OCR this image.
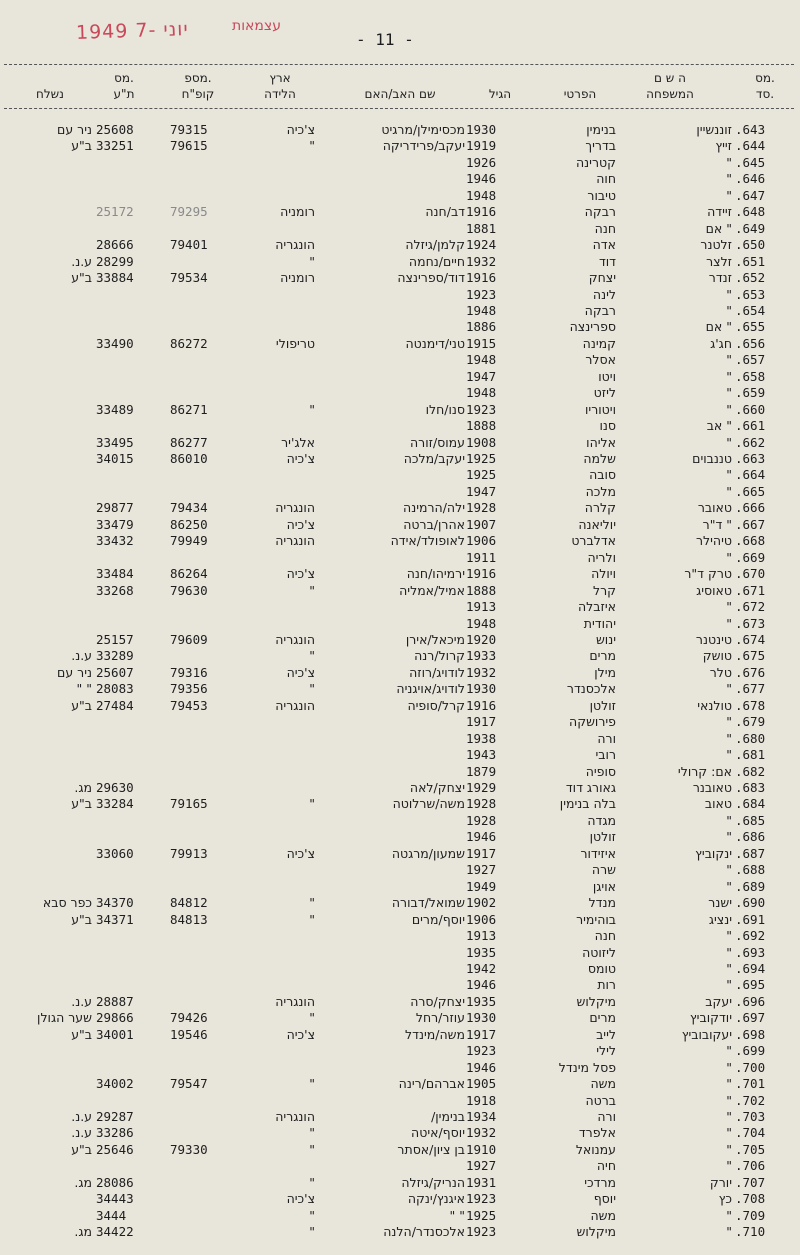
1949 יוני -7	עצמאות
- 11 -
מס.
סד.
ה ש ם
המשפחה
הפרטי
הגיל
שם האב/האם
ארץ
הלידה
מספ.
קופ"ח
מס.
ת"ע
נשלח
.643
זוננשיין
בנימין
1930
מכסימילן/מרגיט
צ'כיה
79315
25608
ניר עם
.644
זייץ
בדריך
1919
יעקב/פרידריקה
"
79615
33251
ב"ע
.645
"
קטרינה
1926
.646
"
חוה
1946
.647
"
טיבור
1948
.648
זיידה
רבקה
1916
דב/חנה
רומניה
79295
25172
.649
" אם
חנה
1881
.650
זלטנר
אדה
1924
קלמן/גיזלה
הונגריה
79401
28666
.651
זלצר
דוד
1932
חיים/נחמה
"
28299
ע.נ.
.652
זנדר
יצחק
1916
דוד/ספרינצה
רומניה
79534
33884
ב"ע
.653
"
לינה
1923
.654
"
רבקה
1948
.655
" אם
ספרינצה
1886
.656
חג'ג
קמינה
1915
טני/דימנטה
טריפולי
86272
33490
.657
"
אסלר
1948
.658
"
ויטו
1947
.659
"
ליזט
1948
.660
"
ויטוריו
1923
סנו/חלו
"
86271
33489
.661
" אב
סנו
1888
.662
"
אליהו
1908
עמוס/זורה
אלג'יר
86277
33495
.663
טננבוים
שלמה
1925
יעקב/מלכה
צ'כיה
86010
34015
.664
"
סובה
1925
.665
"
מלכה
1947
.666
טאובר
קלרה
1928
ילה/הרמינה
הונגריה
79434
29877
.667
" ד"ר
יוליאנה
1907
אהרן/ברטה
צ'כיה
86250
33479
.668
טיהילר
אדלברט
1906
לאופולד/אידה
הונגריה
79949
33432
.669
"
ולריה
1911
.670
טרק ד"ר
ויולה
1916
ירמיהו/חנה
צ'כיה
86264
33484
.671
טאוסיג
קרל
1888
אמיל/אמליה
"
79630
33268
.672
"
איזבלה
1913
.673
"
יהודית
1948
.674
טינטנר
ינוש
1920
מיכאל/אירן
הונגריה
79609
25157
.675
טושק
מרים
1933
קרול/רנה
"
33289
ע.נ.
.676
טלר
מילן
1932
לודויג/רוזה
צ'כיה
79316
25607
ניר עם
.677
"
אלכסנדר
1930
לודויג/אויגניה
"
79356
28083
" "
.678
טולנאי
זולטן
1916
קרל/סופיה
הונגריה
79453
27484
ב"ע
.679
"
פירושקה
1917
.680
"
ורה
1938
.681
"
רובי
1943
.682
אם: קרולי
סופיה
1879
.683
טאובנר
גאורג דוד
1929
יצחק/לאה
29630
מג.
.684
טאוב
בלה בנימין
1928
משה/שרלוטה
"
79165
33284
ב"ע
.685
"
מגדה
1928
.686
"
זולטן
1946
.687
ינקוביץ
איזידור
1917
שמעון/מרגטה
צ'כיה
79913
33060
.688
"
שרה
1927
.689
"
אויגן
1949
.690
ישנר
מנדל
1902
שמואל/דבורה
"
84812
34370
כפר סבא
.691
ינציג
בוהימיר
1906
יוסף/מרים
"
84813
34371
ב"ע
.692
"
חנה
1913
.693
"
ליזוטה
1935
.694
"
טומס
1942
.695
"
רות
1946
.696
יעקב
מיקלוש
1935
יצחק/סרה
הונגריה
28887
ע.נ.
.697
יודקוביץ
מרים
1930
עוזר/רחל
"
79426
29866
שער הגולן
.698
יעקובוביץ
לייב
1917
משה/מינדל
צ'כיה
19546
34001
ב"ע
.699
"
לילי
1923
.700
"
פסל מינדל
1946
.701
"
משה
1905
אברהם/רינה
"
79547
34002
.702
"
ברטה
1918
.703
"
ורה
1934
בנימין/
הונגריה
29287
ע.נ.
.704
"
אלפרד
1932
יוסף/איטה
"
33286
ע.נ.
.705
"
עמנואל
1910
בן ציון/אסתר
"
79330
25646
ב"ע
.706
"
חיה
1927
.707
יורק
מרדכי
1931
הנריק/גיזלה
"
28086
מג.
.708
כץ
יוסף
1923
איגנץ/ינקה
צ'כיה
34443
.709
"
משה
1925
" "
"
3444
.710
"
מיקלוש
1923
אלכסנדר/הלנה
"
34422
מג.
